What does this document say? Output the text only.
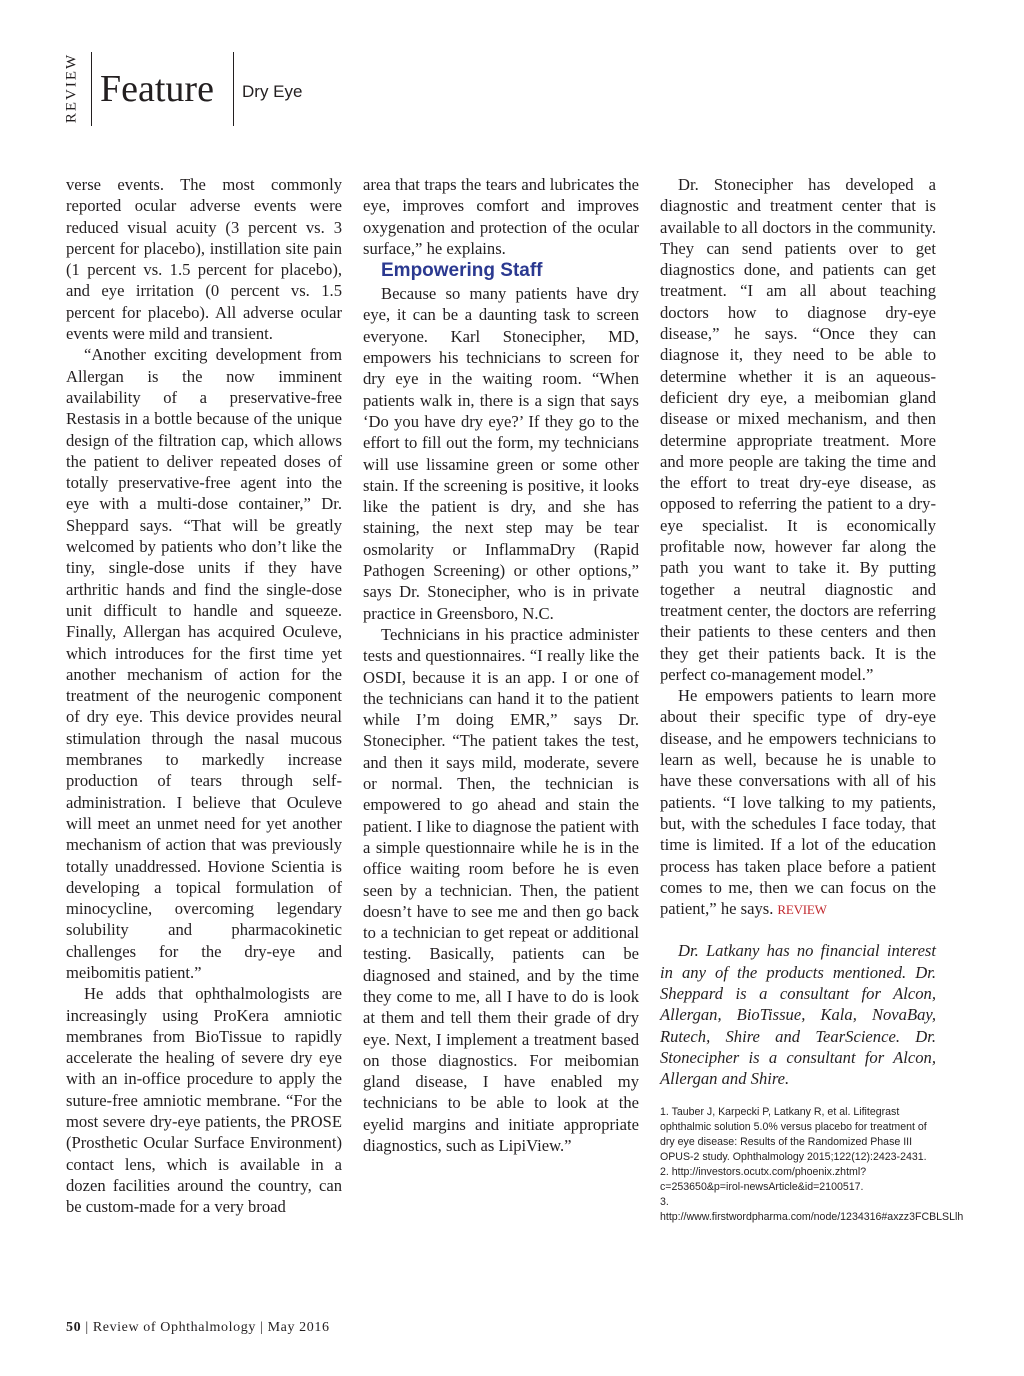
REVIEW Feature Dry Eye

verse events. The most commonly reported ocular adverse events were reduced visual acuity (3 percent vs. 3 percent for placebo), instillation site pain (1 percent vs. 1.5 percent for placebo), and eye irritation (0 percent vs. 1.5 percent for placebo). All adverse ocular events were mild and transient.

“Another exciting development from Allergan is the now imminent availability of a preservative-free Restasis in a bottle because of the unique design of the filtration cap, which allows the patient to deliver repeated doses of totally preservative-free agent into the eye with a multi-dose container,” Dr. Sheppard says. “That will be greatly welcomed by patients who don’t like the tiny, single-dose units if they have arthritic hands and find the single-dose unit difficult to handle and squeeze. Finally, Allergan has acquired Oculeve, which introduces for the first time yet another mechanism of action for the treatment of the neurogenic component of dry eye. This device provides neural stimulation through the nasal mucous membranes to markedly increase production of tears through self-administration. I believe that Oculeve will meet an unmet need for yet another mechanism of action that was previously totally unaddressed. Hovione Scientia is developing a topical formulation of minocycline, overcoming legendary solubility and pharmacokinetic challenges for the dry-eye and meibomitis patient.”

He adds that ophthalmologists are increasingly using ProKera amniotic membranes from BioTissue to rapidly accelerate the healing of severe dry eye with an in-office procedure to apply the suture-free amniotic membrane. “For the most severe dry-eye patients, the PROSE (Prosthetic Ocular Surface Environment) contact lens, which is available in a dozen facilities around the country, can be custom-made for a very broad

area that traps the tears and lubricates the eye, improves comfort and improves oxygenation and protection of the ocular surface,” he explains.

Empowering Staff

Because so many patients have dry eye, it can be a daunting task to screen everyone. Karl Stonecipher, MD, empowers his technicians to screen for dry eye in the waiting room. “When patients walk in, there is a sign that says ‘Do you have dry eye?’ If they go to the effort to fill out the form, my technicians will use lissamine green or some other stain. If the screening is positive, it looks like the patient is dry, and she has staining, the next step may be tear osmolarity or InflammaDry (Rapid Pathogen Screening) or other options,” says Dr. Stonecipher, who is in private practice in Greensboro, N.C.

Technicians in his practice administer tests and questionnaires. “I really like the OSDI, because it is an app. I or one of the technicians can hand it to the patient while I’m doing EMR,” says Dr. Stonecipher. “The patient takes the test, and then it says mild, moderate, severe or normal. Then, the technician is empowered to go ahead and stain the patient. I like to diagnose the patient with a simple questionnaire while he is in the office waiting room before he is even seen by a technician. Then, the patient doesn’t have to see me and then go back to a technician to get repeat or additional testing. Basically, patients can be diagnosed and stained, and by the time they come to me, all I have to do is look at them and tell them their grade of dry eye. Next, I implement a treatment based on those diagnostics. For meibomian gland disease, I have enabled my technicians to be able to look at the eyelid margins and initiate appropriate diagnostics, such as LipiView.”

Dr. Stonecipher has developed a diagnostic and treatment center that is available to all doctors in the community. They can send patients over to get diagnostics done, and patients can get treatment. “I am all about teaching doctors how to diagnose dry-eye disease,” he says. “Once they can diagnose it, they need to be able to determine whether it is an aqueous-deficient dry eye, a meibomian gland disease or mixed mechanism, and then determine appropriate treatment. More and more people are taking the time and the effort to treat dry-eye disease, as opposed to referring the patient to a dry-eye specialist. It is economically profitable now, however far along the path you want to take it. By putting together a neutral diagnostic and treatment center, the doctors are referring their patients to these centers and then they get their patients back. It is the perfect co-management model.”

He empowers patients to learn more about their specific type of dry-eye disease, and he empowers technicians to learn as well, because he is unable to have these conversations with all of his patients. “I love talking to my patients, but, with the schedules I face today, that time is limited. If a lot of the education process has taken place before a patient comes to me, then we can focus on the patient,” he says. REVIEW

Dr. Latkany has no financial interest in any of the products mentioned. Dr. Sheppard is a consultant for Alcon, Allergan, BioTissue, Kala, NovaBay, Rutech, Shire and TearScience. Dr. Stonecipher is a consultant for Alcon, Allergan and Shire.

1. Tauber J, Karpecki P, Latkany R, et al. Lifitegrast ophthalmic solution 5.0% versus placebo for treatment of dry eye disease: Results of the Randomized Phase III OPUS-2 study. Ophthalmology 2015;122(12):2423-2431.
2. http://investors.ocutx.com/phoenix.zhtml?c=253650&p=irol-newsArticle&id=2100517.
3. http://www.firstwordpharma.com/node/1234316#axzz3FCBLSLlh
50 | Review of Ophthalmology | May 2016
